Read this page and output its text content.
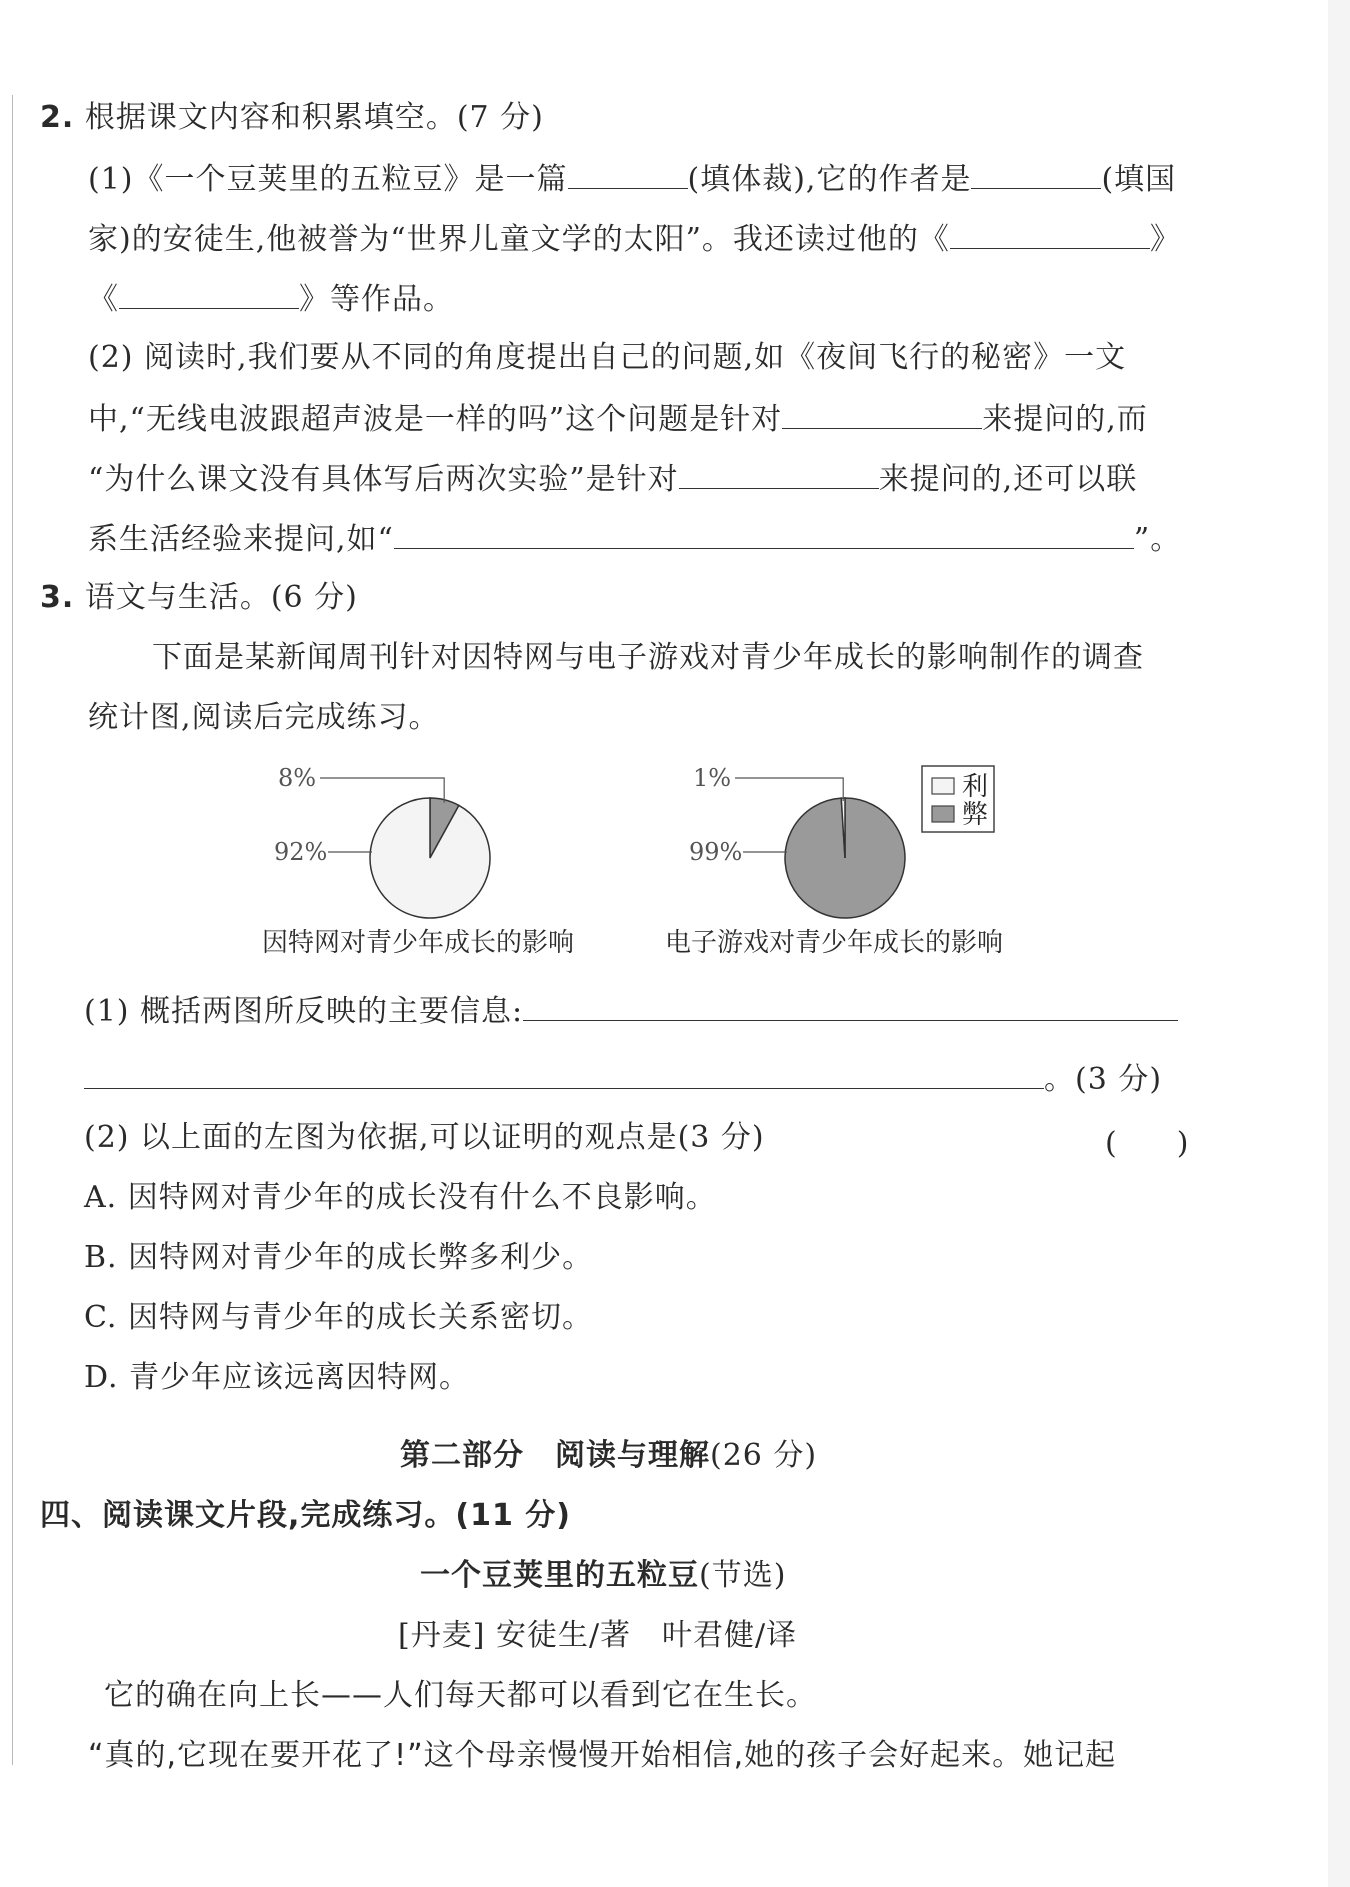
2. 根据课文内容和积累填空。(7 分)
(1)《一个豆荚里的五粒豆》是一篇	(填体裁),它的作者是	(填国
家)的安徒生,他被誉为“世界儿童文学的太阳”。我还读过他的《	》
《	》等作品。
(2) 阅读时,我们要从不同的角度提出自己的问题,如《夜间飞行的秘密》一文
中,“无线电波跟超声波是一样的吗”这个问题是针对	来提问的,而
“为什么课文没有具体写后两次实验”是针对	来提问的,还可以联
系生活经验来提问,如“	”。
3. 语文与生活。(6 分)
下面是某新闻周刊针对因特网与电子游戏对青少年成长的影响制作的调查
统计图,阅读后完成练习。
8%
92%
1%
99%
利
弊
因特网对青少年成长的影响	电子游戏对青少年成长的影响
(1) 概括两图所反映的主要信息:
。(3 分)
(2) 以上面的左图为依据,可以证明的观点是(3 分)	(　　)
A. 因特网对青少年的成长没有什么不良影响。
B. 因特网对青少年的成长弊多利少。
C. 因特网与青少年的成长关系密切。
D. 青少年应该远离因特网。
第二部分　阅读与理解(26 分)
四、阅读课文片段,完成练习。(11 分)
一个豆荚里的五粒豆(节选)
[丹麦] 安徒生/著　叶君健/译
它的确在向上长——人们每天都可以看到它在生长。
“真的,它现在要开花了!”这个母亲慢慢开始相信,她的孩子会好起来。她记起
